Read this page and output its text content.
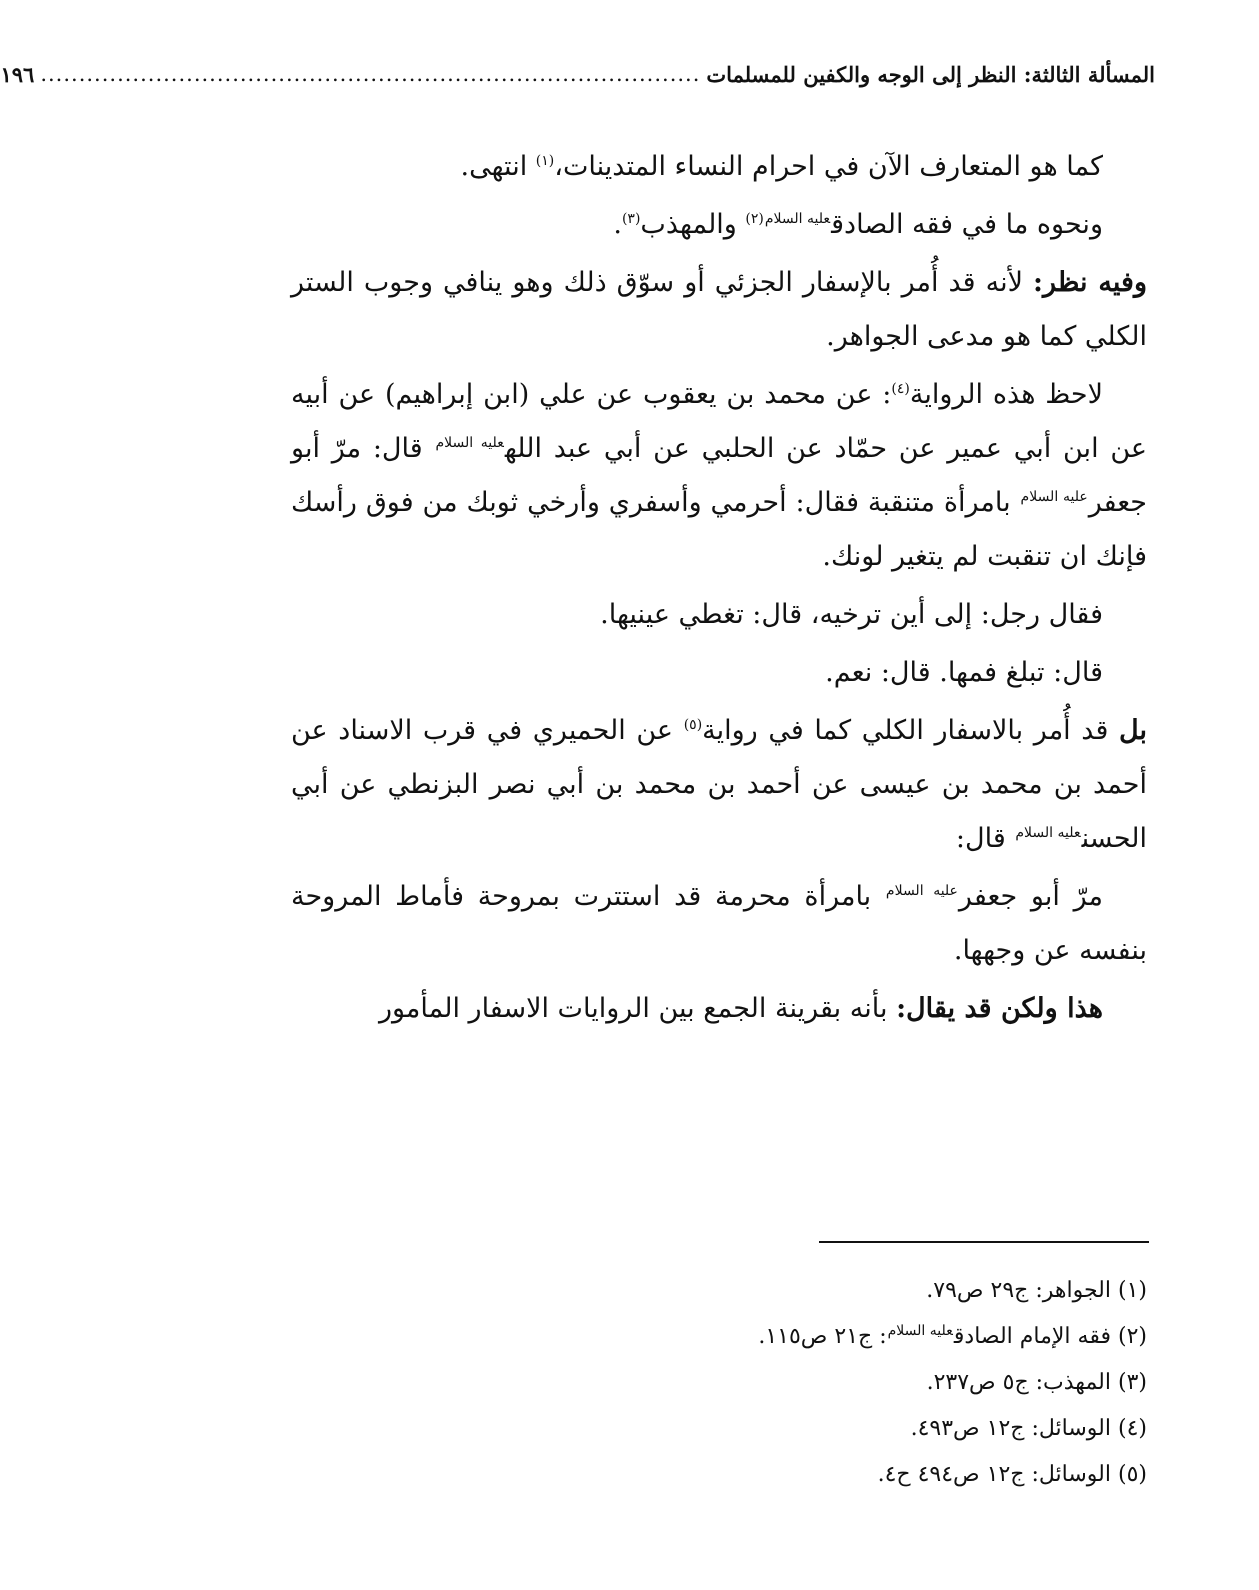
المسألة الثالثة: النظر إلى الوجه والكفين للمسلمات
......................................................................................
١٩٦

كما هو المتعارف الآن في احرام النساء المتدينات،$^{(١)}$ انتهى.

ونحوه ما في فقه الصادق$^{عليه السلام(٢)}$ والمهذب$^{(٣)}$.

وفيه نظر: لأنه قد أُمر بالإسفار الجزئي أو سوّق ذلك وهو ينافي وجوب الستر الكلي كما هو مدعى الجواهر.

لاحظ هذه الرواية$^{(٤)}$: عن محمد بن يعقوب عن علي (ابن إبراهيم) عن أبيه عن ابن أبي عمير عن حمّاد عن الحلبي عن أبي عبد الله$^{عليه السلام}$ قال: مرّ أبو جعفر$^{عليه السلام}$ بامرأة متنقبة فقال: أحرمي وأسفري وأرخي ثوبك من فوق رأسك فإنك ان تنقبت لم يتغير لونك.

فقال رجل: إلى أين ترخيه، قال: تغطي عينيها.

قال: تبلغ فمها. قال: نعم.

بل قد أُمر بالاسفار الكلي كما في رواية$^{(٥)}$ عن الحميري في قرب الاسناد عن أحمد بن محمد بن عيسى عن أحمد بن محمد بن أبي نصر البزنطي عن أبي الحسن$^{عليه السلام}$ قال:

مرّ أبو جعفر$^{عليه السلام}$ بامرأة محرمة قد استترت بمروحة فأماط المروحة بنفسه عن وجهها.

هذا ولكن قد يقال: بأنه بقرينة الجمع بين الروايات الاسفار المأمور

(١) الجواهر: ج٢٩ ص٧٩.
(٢) فقه الإمام الصادق$^{عليه السلام}$: ج٢١ ص١١٥.
(٣) المهذب: ج٥ ص٢٣٧.
(٤) الوسائل: ج١٢ ص٤٩٣.
(٥) الوسائل: ج١٢ ص٤٩٤ ح٤.
